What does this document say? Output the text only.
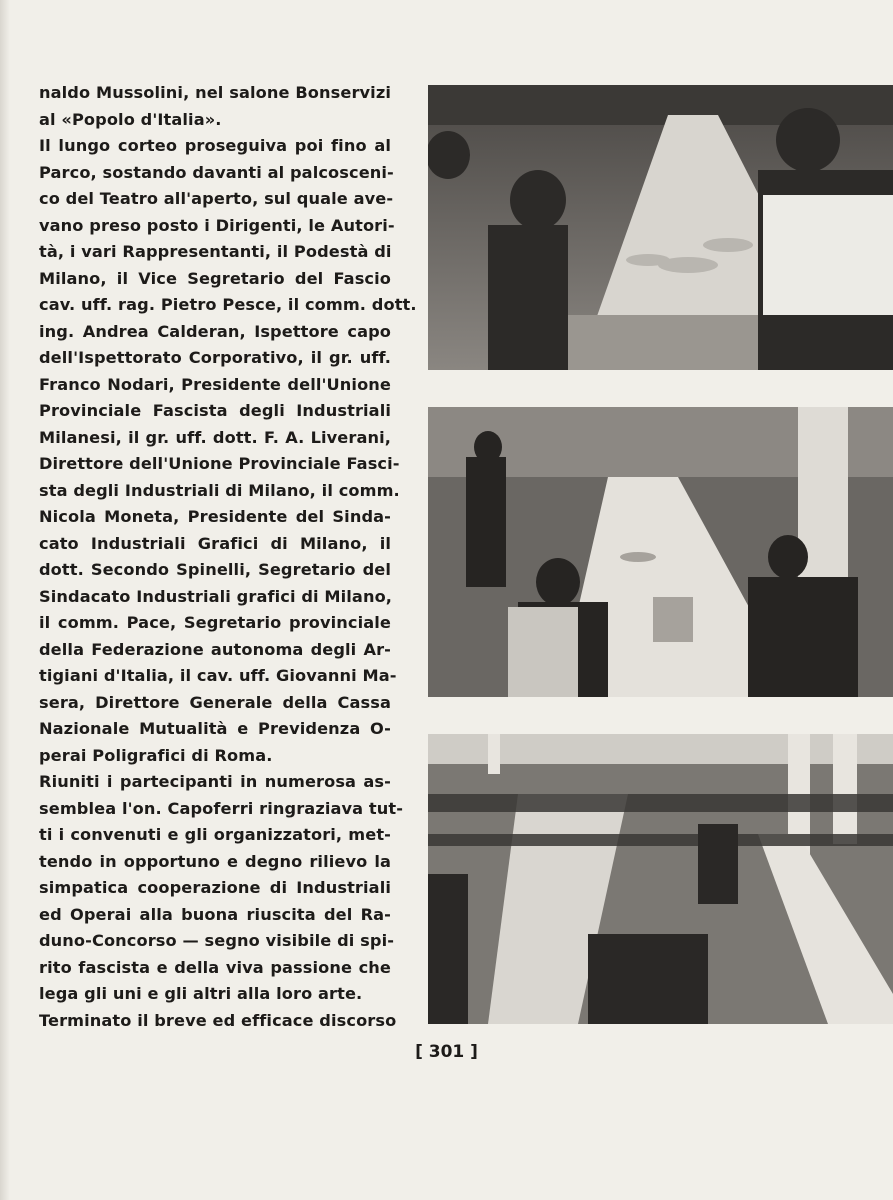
naldo Mussolini, nel salone Bonservizi
al «Popolo d'Italia».
Il lungo corteo proseguiva poi fino al
Parco, sostando davanti al palcosceni-
co del Teatro all'aperto, sul quale ave-
vano preso posto i Dirigenti, le Autori-
tà, i vari Rappresentanti, il Podestà di
Milano, il Vice Segretario del Fascio
cav. uff. rag. Pietro Pesce, il comm. dott.
ing. Andrea Calderan, Ispettore capo
dell'Ispettorato Corporativo, il gr. uff.
Franco Nodari, Presidente dell'Unione
Provinciale Fascista degli Industriali
Milanesi, il gr. uff. dott. F. A. Liverani,
Direttore dell'Unione Provinciale Fasci-
sta degli Industriali di Milano, il comm.
Nicola Moneta, Presidente del Sinda-
cato Industriali Grafici di Milano, il
dott. Secondo Spinelli, Segretario del
Sindacato Industriali grafici di Milano,
il comm. Pace, Segretario provinciale
della Federazione autonoma degli Ar-
tigiani d'Italia, il cav. uff. Giovanni Ma-
sera, Direttore Generale della Cassa
Nazionale Mutualità e Previdenza O-
perai Poligrafici di Roma.
Riuniti i partecipanti in numerosa as-
semblea l'on. Capoferri ringraziava tut-
ti i convenuti e gli organizzatori, met-
tendo in opportuno e degno rilievo la
simpatica cooperazione di Industriali
ed Operai alla buona riuscita del Ra-
duno-Concorso — segno visibile di spi-
rito fascista e della viva passione che
lega gli uni e gli altri alla loro arte.
Terminato il breve ed efficace discorso
[ 301 ]
